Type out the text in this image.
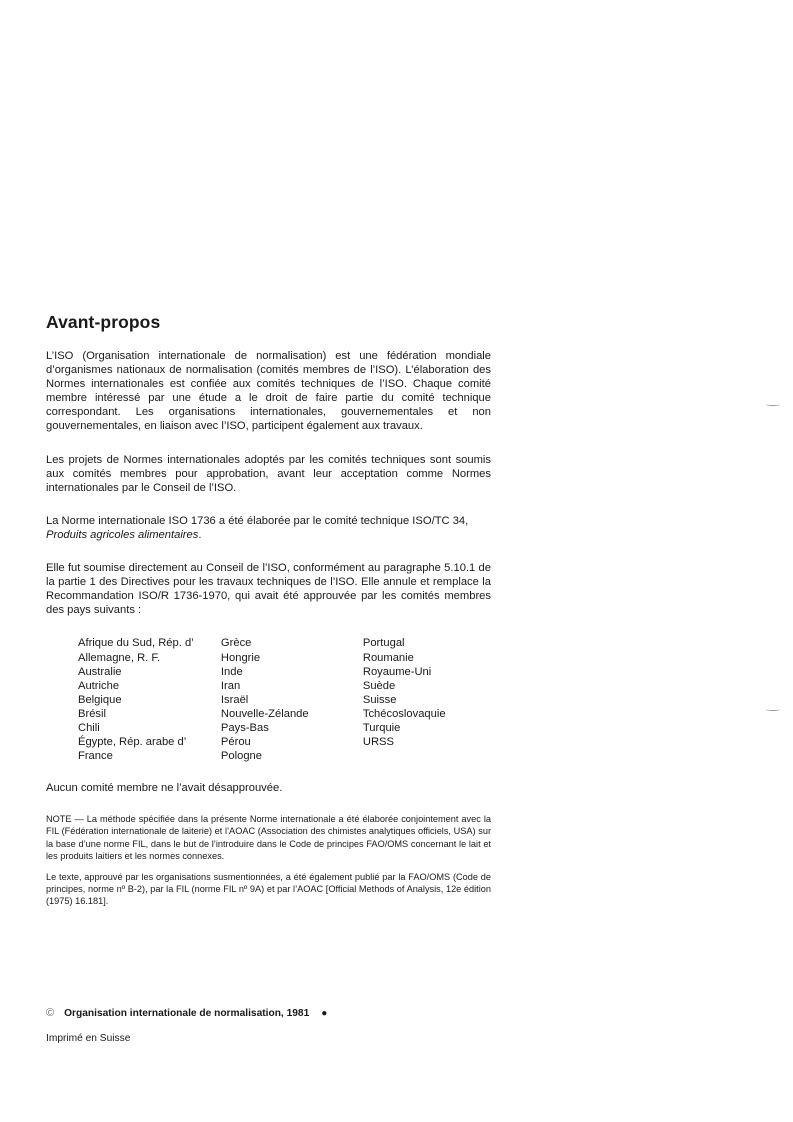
Avant-propos

L’ISO (Organisation internationale de normalisation) est une fédération mondiale d’organismes nationaux de normalisation (comités membres de l’ISO). L’élaboration des Normes internationales est confiée aux comités techniques de l’ISO. Chaque comité membre intéressé par une étude a le droit de faire partie du comité technique correspondant. Les organisations internationales, gouvernementales et non gouvernementales, en liaison avec l’ISO, participent également aux travaux.

Les projets de Normes internationales adoptés par les comités techniques sont soumis aux comités membres pour approbation, avant leur acceptation comme Normes internationales par le Conseil de l’ISO.

La Norme internationale ISO 1736 a été élaborée par le comité technique ISO/TC 34,
Produits agricoles alimentaires.

Elle fut soumise directement au Conseil de l’ISO, conformément au paragraphe 5.10.1 de la partie 1 des Directives pour les travaux techniques de l’ISO. Elle annule et remplace la Recommandation ISO/R 1736-1970, qui avait été approuvée par les comités membres des pays suivants :

Afrique du Sud, Rép. d’
Allemagne, R. F.
Australie
Autriche
Belgique
Brésil
Chili
Égypte, Rép. arabe d’
France
Grèce
Hongrie
Inde
Iran
Israël
Nouvelle-Zélande
Pays-Bas
Pérou
Pologne
Portugal
Roumanie
Royaume-Uni
Suède
Suisse
Tchécoslovaquie
Turquie
URSS

Aucun comité membre ne l’avait désapprouvée.

NOTE — La méthode spécifiée dans la présente Norme internationale a été élaborée conjointement avec la FIL (Fédération internationale de laiterie) et l’AOAC (Association des chimistes analytiques officiels, USA) sur la base d’une norme FIL, dans le but de l’introduire dans le Code de principes FAO/OMS concernant le lait et les produits laitiers et les normes connexes.

Le texte, approuvé par les organisations susmentionnées, a été également publié par la FAO/OMS (Code de principes, norme nº B-2), par la FIL (norme FIL nº 9A) et par l’AOAC [Official Methods of Analysis, 12e édition (1975) 16.181].

© Organisation internationale de normalisation, 1981 ●
Imprimé en Suisse
